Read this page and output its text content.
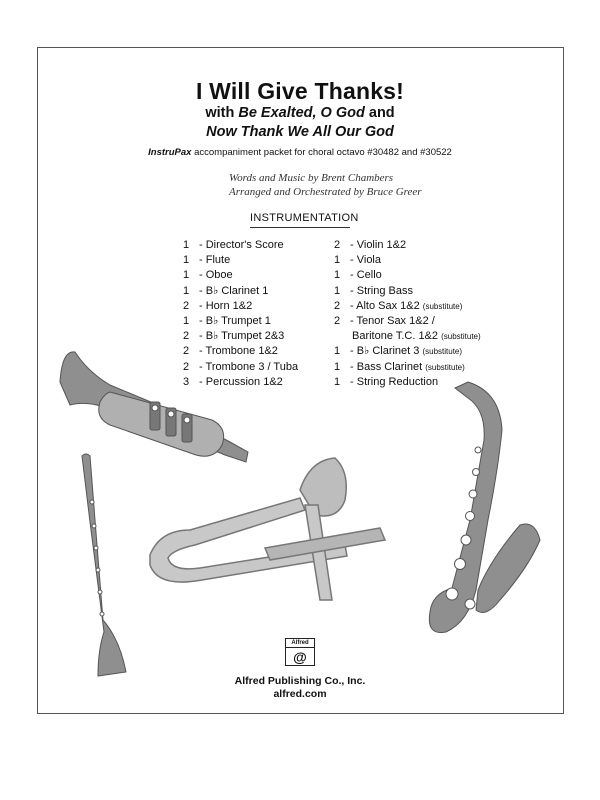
I Will Give Thanks!
with Be Exalted, O God and
Now Thank We All Our God
InstruPax accompaniment packet for choral octavo #30482 and #30522
Words and Music by Brent Chambers
Arranged and Orchestrated by Bruce Greer
INSTRUMENTATION
1 - Director's Score
1 - Flute
1 - Oboe
1 - B♭ Clarinet 1
2 - Horn 1&2
1 - B♭ Trumpet 1
2 - B♭ Trumpet 2&3
2 - Trombone 1&2
2 - Trombone 3 / Tuba
3 - Percussion 1&2
2 - Violin 1&2
1 - Viola
1 - Cello
1 - String Bass
2 - Alto Sax 1&2 (substitute)
2 - Tenor Sax 1&2 /
Baritone T.C. 1&2 (substitute)
1 - B♭ Clarinet 3 (substitute)
1 - Bass Clarinet (substitute)
1 - String Reduction
Alfred
@
Alfred Publishing Co., Inc.
alfred.com
